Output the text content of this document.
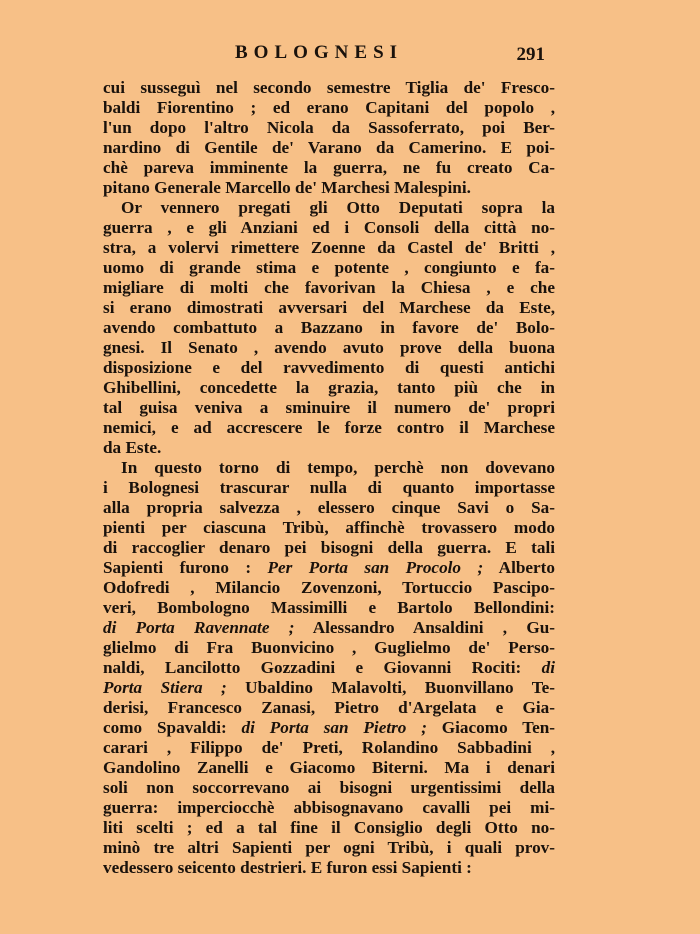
BOLOGNESI	291
cui susseguì nel secondo semestre Tiglia de' Fresco-
baldi Fiorentino ; ed erano Capitani del popolo ,
l'un dopo l'altro Nicola da Sassoferrato, poi Ber-
nardino di Gentile de' Varano da Camerino. E poi-
chè pareva imminente la guerra, ne fu creato Ca-
pitano Generale Marcello de' Marchesi Malespini.
Or vennero pregati gli Otto Deputati sopra la
guerra , e gli Anziani ed i Consoli della città no-
stra, a volervi rimettere Zoenne da Castel de' Britti ,
uomo di grande stima e potente , congiunto e fa-
migliare di molti che favorivan la Chiesa , e che
si erano dimostrati avversari del Marchese da Este,
avendo combattuto a Bazzano in favore de' Bolo-
gnesi. Il Senato , avendo avuto prove della buona
disposizione e del ravvedimento di questi antichi
Ghibellini, concedette la grazia, tanto più che in
tal guisa veniva a sminuire il numero de' propri
nemici, e ad accrescere le forze contro il Marchese
da Este.
In questo torno di tempo, perchè non dovevano
i Bolognesi trascurar nulla di quanto importasse
alla propria salvezza , elessero cinque Savi o Sa-
pienti per ciascuna Tribù, affinchè trovassero modo
di raccoglier denaro pei bisogni della guerra. E tali
Sapienti furono : Per Porta san Procolo ; Alberto
Odofredi , Milancio Zovenzoni, Tortuccio Pascipo-
veri, Bombologno Massimilli e Bartolo Bellondini:
di Porta Ravennate ; Alessandro Ansaldini , Gu-
glielmo di Fra Buonvicino , Guglielmo de' Perso-
naldi, Lancilotto Gozzadini e Giovanni Rociti: di
Porta Stiera ; Ubaldino Malavolti, Buonvillano Te-
derisi, Francesco Zanasi, Pietro d'Argelata e Gia-
como Spavaldi: di Porta san Pietro ; Giacomo Ten-
carari , Filippo de' Preti, Rolandino Sabbadini ,
Gandolino Zanelli e Giacomo Biterni. Ma i denari
soli non soccorrevano ai bisogni urgentissimi della
guerra: imperciocchè abbisognavano cavalli pei mi-
liti scelti ; ed a tal fine il Consiglio degli Otto no-
minò tre altri Sapienti per ogni Tribù, i quali prov-
vedessero seicento destrieri. E furon essi Sapienti :
